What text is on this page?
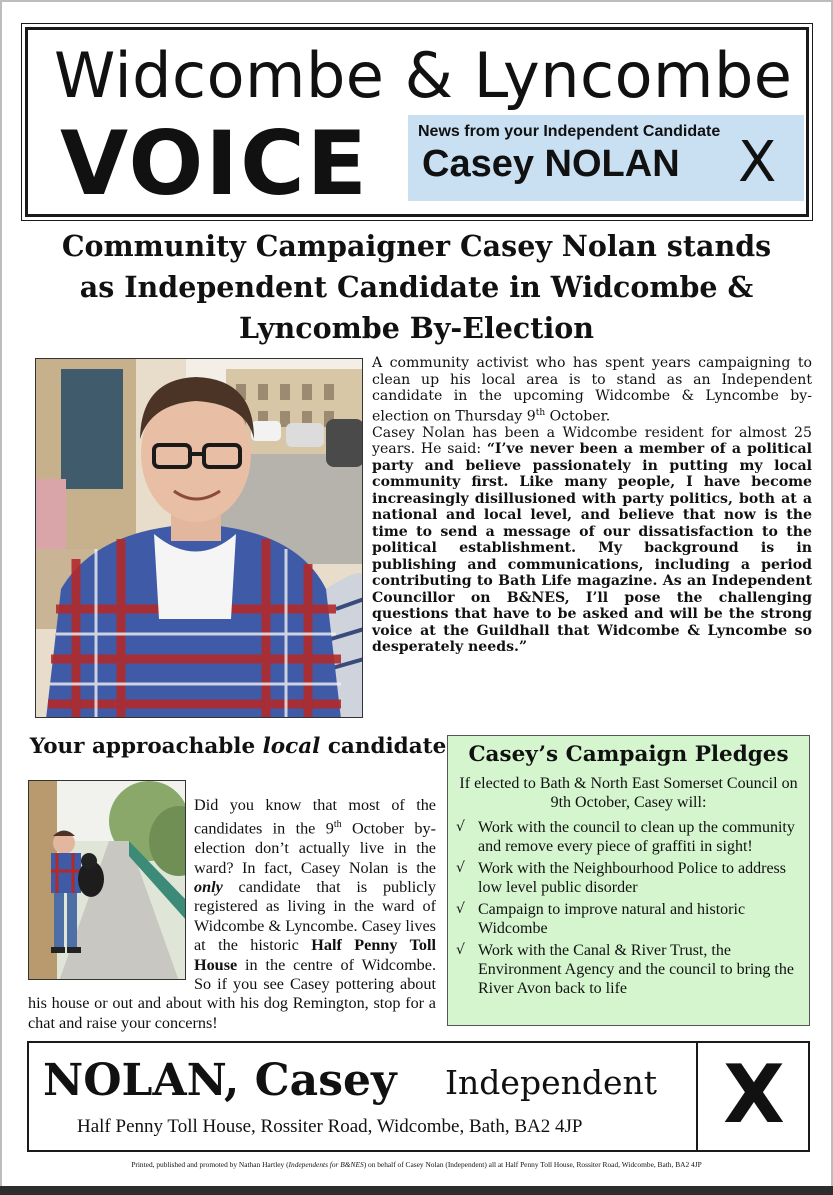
Widcombe & Lyncombe
VOICE	News from your Independent Candidate
Casey NOLAN X
Community Campaigner Casey Nolan stands as Independent Candidate in Widcombe & Lyncombe By-Election
A community activist who has spent years campaigning to clean up his local area is to stand as an Independent candidate in the upcoming Widcombe & Lyncombe by-election on Thursday 9th October.
Casey Nolan has been a Widcombe resident for almost 25 years. He said: “I’ve never been a member of a political party and believe passionately in putting my local community first. Like many people, I have become increasingly disillusioned with party politics, both at a national and local level, and believe that now is the time to send a message of our dissatisfaction to the political establishment. My background is in publishing and communications, including a period contributing to Bath Life magazine. As an Independent Councillor on B&NES, I’ll pose the challenging questions that have to be asked and will be the strong voice at the Guildhall that Widcombe & Lyncombe so desperately needs.”
Your approachable local candidate
Did you know that most of the candidates in the 9th October by-election don’t actually live in the ward? In fact, Casey Nolan is the only candidate that is publicly registered as living in the ward of Widcombe & Lyncombe. Casey lives at the historic Half Penny Toll House in the centre of Widcombe. So if you see Casey pottering about his house or out and about with his dog Remington, stop for a chat and raise your concerns!
Casey’s Campaign Pledges
If elected to Bath & North East Somerset Council on 9th October, Casey will:
√ Work with the council to clean up the community and remove every piece of graffiti in sight!
√ Work with the Neighbourhood Police to address low level public disorder
√ Campaign to improve natural and historic Widcombe
√ Work with the Canal & River Trust, the Environment Agency and the council to bring the River Avon back to life
NOLAN, Casey Independent
Half Penny Toll House, Rossiter Road, Widcombe, Bath, BA2 4JP	X
Printed, published and promoted by Nathan Hartley (Independents for B&NES) on behalf of Casey Nolan (Independent) all at Half Penny Toll House, Rossiter Road, Widcombe, Bath, BA2 4JP
